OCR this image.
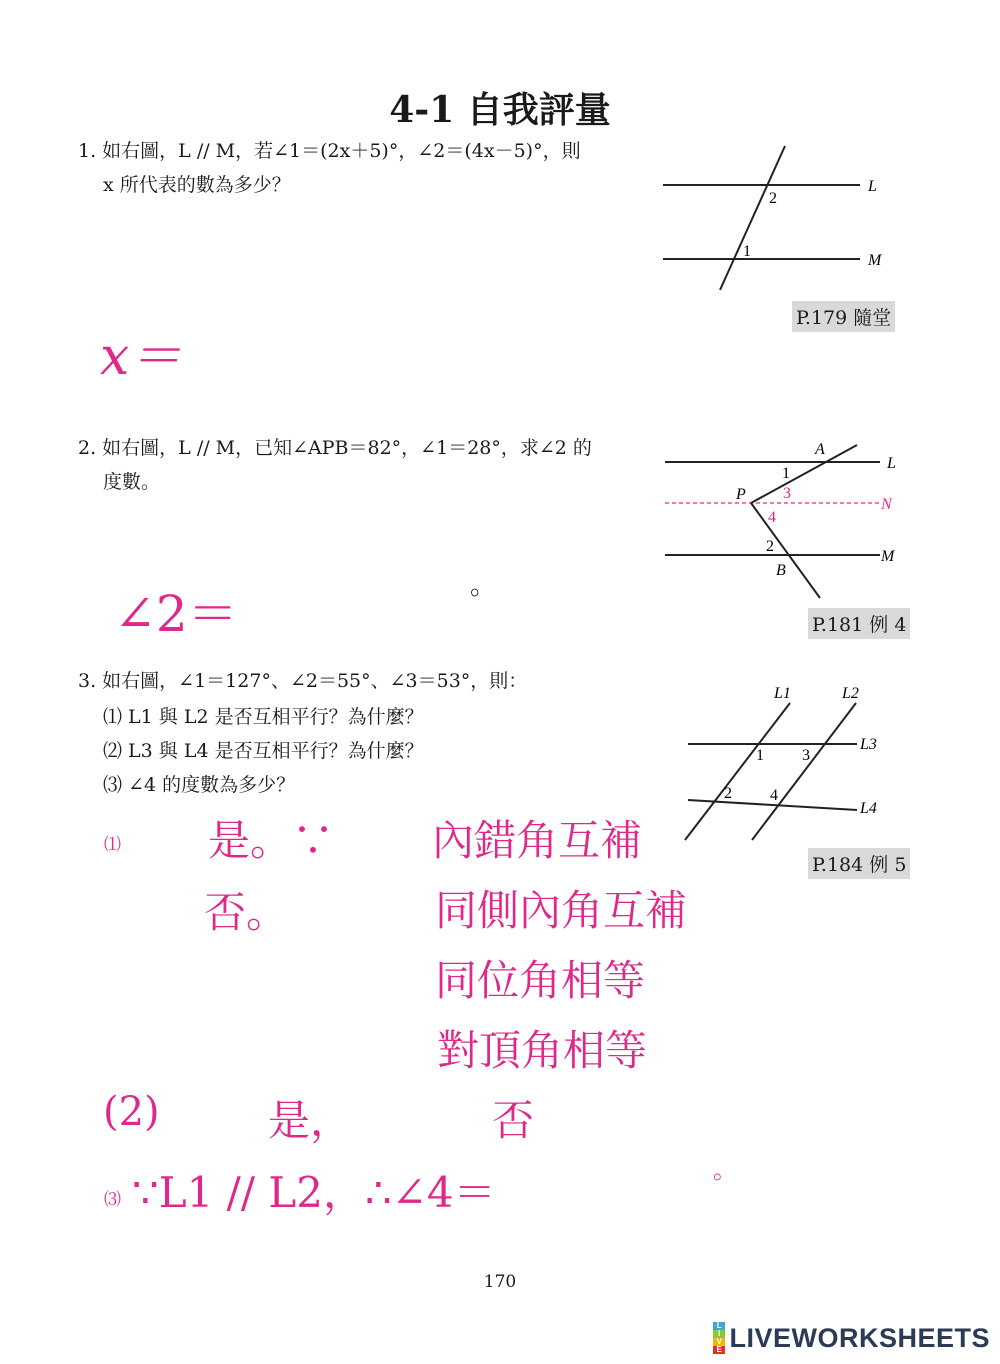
4-1 自我評量
1. 如右圖，L // M，若∠1＝(2x＋5)°，∠2＝(4x－5)°，則
x 所代表的數為多少？	L
M
2
1
P.179 隨堂
x＝
2. 如右圖，L // M，已知∠APB＝82°，∠1＝28°，求∠2 的
度數。
A
P
B
L
N
M
1
3
4
2
P.181 例 4
∠2＝	。
3. 如右圖，∠1＝127°、∠2＝55°、∠3＝53°，則：
⑴ L1 與 L2 是否互相平行？為什麼？
⑵ L3 與 L4 是否互相平行？為什麼？
⑶ ∠4 的度數為多少？
L1	L2
L3
L4
1 3
2 4
P.184 例 5
⑴ 是。∵
否。
內錯角互補
同側內角互補
同位角相等
對頂角相等
(2)	是，	否
⑶ ∵L1 // L2，∴∠4＝	。
170
L
I
V
E LIVEWORKSHEETS
